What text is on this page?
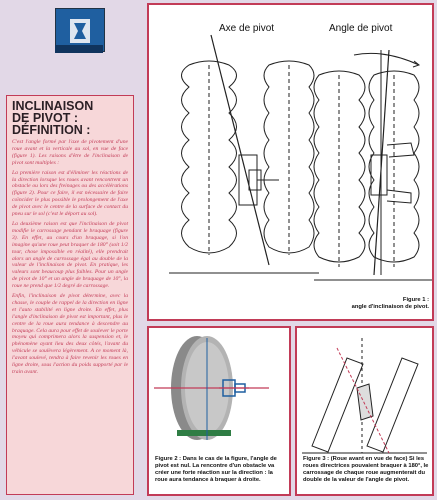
INCLINAISON
DE PIVOT :
DÉFINITION :

C'est l'angle formé par l'axe de pivotement d'une roue avant et la verticale au sol, en vue de face (figure 1). Les raisons d'être de l'inclinaison de pivot sont multiples :

La première raison est d'éliminer les réactions de la direction lorsque les roues avant rencontrent un obstacle ou lors des freinages ou des accélérations (figure 2). Pour ce faire, il est nécessaire de faire coïncider le plus possible le prolongement de l'axe de pivot avec le centre de la surface de contact du pneu sur le sol (c'est le déport au sol).

La deuxième raison est que l'inclinaison de pivot modifie le carrossage pendant le braquage (figure 3). En effet, au cours d'un braquage, si l'on imagine qu'une roue peut braquer de 180° (soit 1/2 tour, chose impossible en réalité), elle prendrait alors un angle de carrossage égal au double de la valeur de l'inclinaison de pivot. En pratique, les valeurs sont beaucoup plus faibles. Pour un angle de pivot de 10° et un angle de braquage de 10°, la roue ne prend que 1/2 degré de carrossage.

Enfin, l'inclinaison de pivot détermine, avec la chasse, le couple de rappel de la direction en ligne et l'auto stabilité en ligne droite. En effet, plus l'angle d'inclinaison de pivot est important, plus le centre de la roue aura tendance à descendre au braquage. Cela aura pour effet de soulever le porte moyeu qui comprimera alors la suspension et, le phénomène ayant lieu des deux côtés, l'avant du véhicule se soulèvera légèrement. A ce moment là, l'avant soulevé, tendra à faire revenir les roues en ligne droite, sous l'action du poids supporté par le train avant.

Axe de pivot	Angle de pivot
Figure 1 :
angle d'inclinaison de pivot.
Figure 2 : Dans le cas de la figure, l'angle de pivot est nul. La rencontre d'un obstacle va créer une forte réaction sur la direction : la roue aura tendance à braquer à droite.
Figure 3 : (Roue avant en vue de face) Si les roues directrices pouvaient braquer à 180°, le carrossage de chaque roue augmenterait du double de la valeur de l'angle de pivot.
